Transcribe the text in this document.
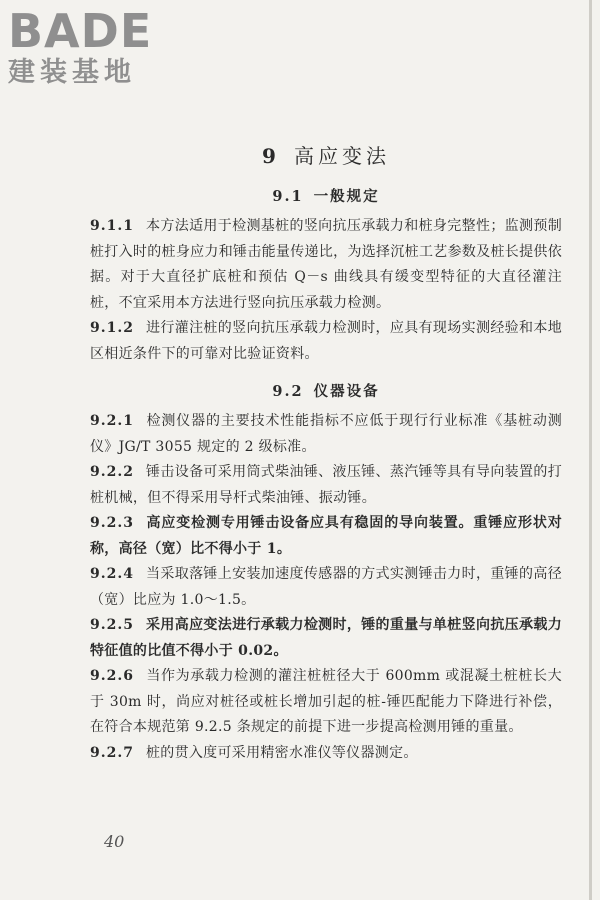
BADE
建装基地
9 高应变法
9.1 一般规定

9.1.1 本方法适用于检测基桩的竖向抗压承载力和桩身完整性；监测预制桩打入时的桩身应力和锤击能量传递比，为选择沉桩工艺参数及桩长提供依据。对于大直径扩底桩和预估 Q－s 曲线具有缓变型特征的大直径灌注桩，不宜采用本方法进行竖向抗压承载力检测。

9.1.2 进行灌注桩的竖向抗压承载力检测时，应具有现场实测经验和本地区相近条件下的可靠对比验证资料。

9.2 仪器设备

9.2.1 检测仪器的主要技术性能指标不应低于现行行业标准《基桩动测仪》JG/T 3055 规定的 2 级标准。

9.2.2 锤击设备可采用筒式柴油锤、液压锤、蒸汽锤等具有导向装置的打桩机械，但不得采用导杆式柴油锤、振动锤。

9.2.3 高应变检测专用锤击设备应具有稳固的导向装置。重锤应形状对称，高径（宽）比不得小于 1。

9.2.4 当采取落锤上安装加速度传感器的方式实测锤击力时，重锤的高径（宽）比应为 1.0～1.5。

9.2.5 采用高应变法进行承载力检测时，锤的重量与单桩竖向抗压承载力特征值的比值不得小于 0.02。

9.2.6 当作为承载力检测的灌注桩桩径大于 600mm 或混凝土桩桩长大于 30m 时，尚应对桩径或桩长增加引起的桩-锤匹配能力下降进行补偿，在符合本规范第 9.2.5 条规定的前提下进一步提高检测用锤的重量。

9.2.7 桩的贯入度可采用精密水准仪等仪器测定。

40
